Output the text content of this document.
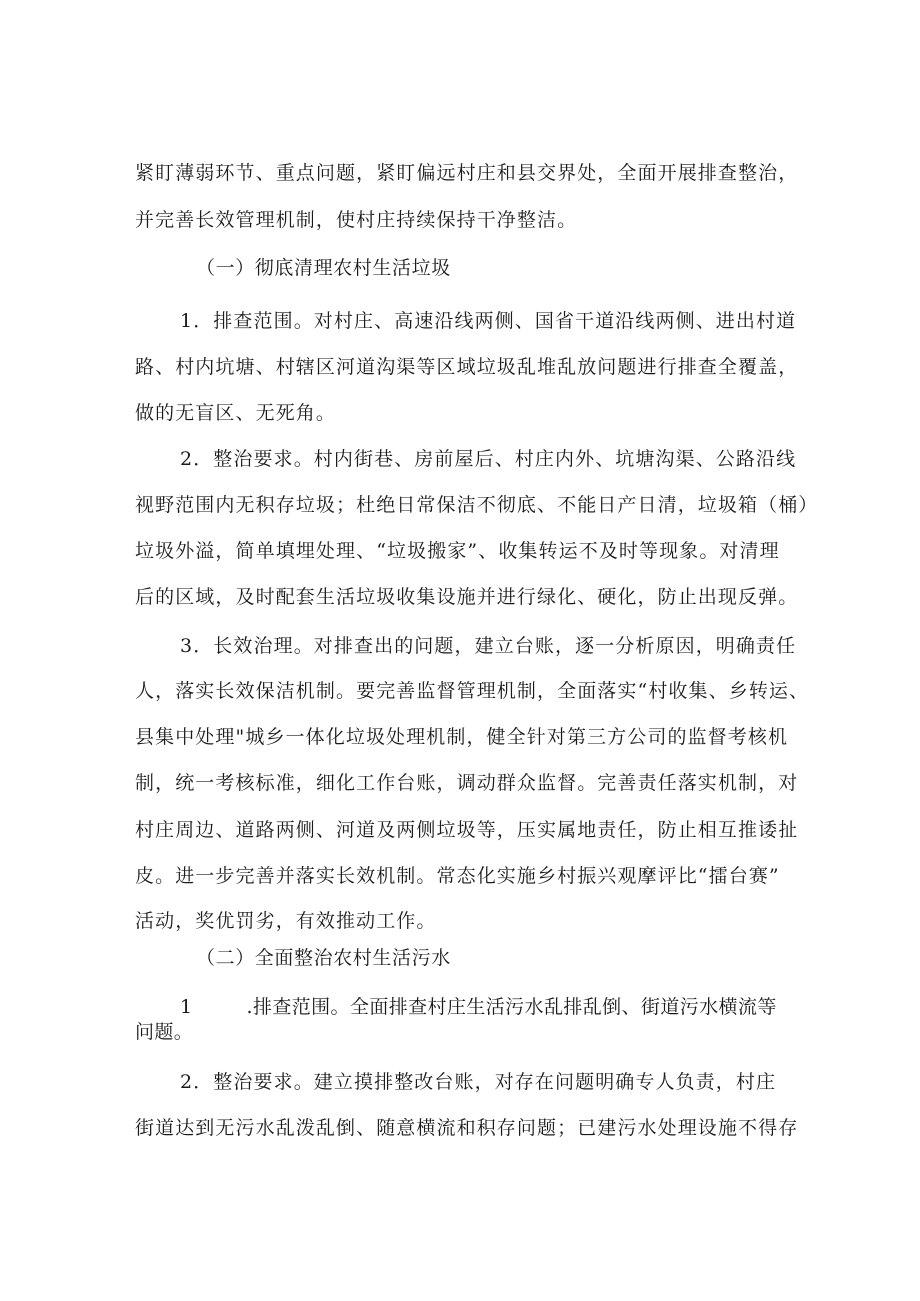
紧盯薄弱环节、重点问题，紧盯偏远村庄和县交界处，全面开展排查整治，
并完善长效管理机制，使村庄持续保持干净整洁。
（一）彻底清理农村生活垃圾
1．排查范围。对村庄、高速沿线两侧、国省干道沿线两侧、进出村道
路、村内坑塘、村辖区河道沟渠等区域垃圾乱堆乱放问题进行排查全覆盖，
做的无盲区、无死角。
2．整治要求。村内街巷、房前屋后、村庄内外、坑塘沟渠、公路沿线
视野范围内无积存垃圾；杜绝日常保洁不彻底、不能日产日清，垃圾箱（桶）
垃圾外溢，简单填埋处理、“垃圾搬家”、收集转运不及时等现象。对清理
后的区域，及时配套生活垃圾收集设施并进行绿化、硬化，防止出现反弹。
3．长效治理。对排查出的问题，建立台账，逐一分析原因，明确责任
人，落实长效保洁机制。要完善监督管理机制，全面落实“村收集、乡转运、
县集中处理"城乡一体化垃圾处理机制，健全针对第三方公司的监督考核机
制，统一考核标准，细化工作台账，调动群众监督。完善责任落实机制，对
村庄周边、道路两侧、河道及两侧垃圾等，压实属地责任，防止相互推诿扯
皮。进一步完善并落实长效机制。常态化实施乡村振兴观摩评比“擂台赛”
活动，奖优罚劣，有效推动工作。
（二）全面整治农村生活污水
1	.排查范围。全面排查村庄生活污水乱排乱倒、街道污水横流等
问题。
2．整治要求。建立摸排整改台账，对存在问题明确专人负责，村庄
街道达到无污水乱泼乱倒、随意横流和积存问题；已建污水处理设施不得存
